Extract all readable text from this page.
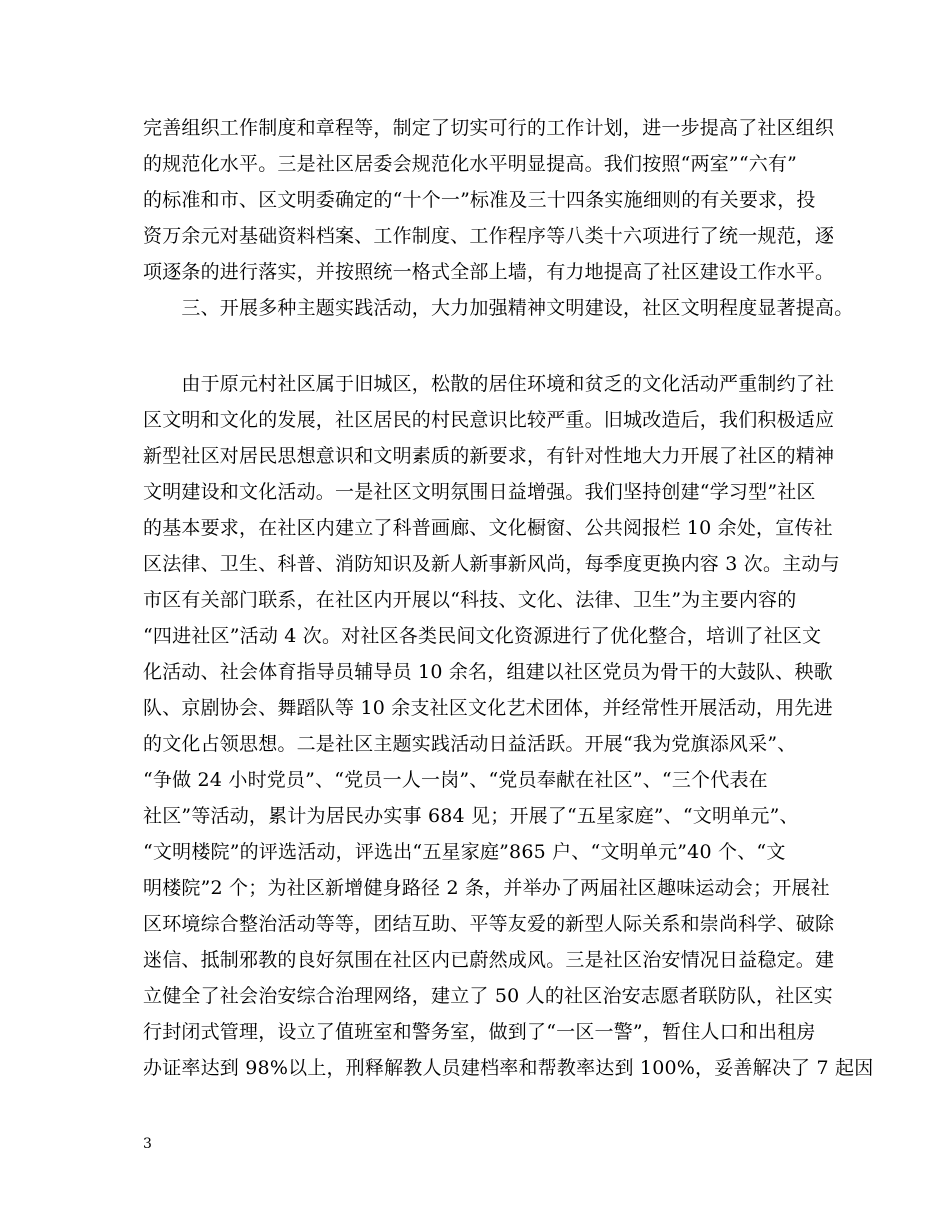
完善组织工作制度和章程等，制定了切实可行的工作计划，进一步提高了社区组织
的规范化水平。三是社区居委会规范化水平明显提高。我们按照“两室”“六有”
的标准和市、区文明委确定的“十个一”标准及三十四条实施细则的有关要求，投
资万余元对基础资料档案、工作制度、工作程序等八类十六项进行了统一规范，逐
项逐条的进行落实，并按照统一格式全部上墙，有力地提高了社区建设工作水平。
　　三、开展多种主题实践活动，大力加强精神文明建设，社区文明程度显著提高。
　　由于原元村社区属于旧城区，松散的居住环境和贫乏的文化活动严重制约了社
区文明和文化的发展，社区居民的村民意识比较严重。旧城改造后，我们积极适应
新型社区对居民思想意识和文明素质的新要求，有针对性地大力开展了社区的精神
文明建设和文化活动。一是社区文明氛围日益增强。我们坚持创建“学习型”社区
的基本要求，在社区内建立了科普画廊、文化橱窗、公共阅报栏 10 余处，宣传社
区法律、卫生、科普、消防知识及新人新事新风尚，每季度更换内容 3 次。主动与
市区有关部门联系，在社区内开展以“科技、文化、法律、卫生”为主要内容的
“四进社区”活动 4 次。对社区各类民间文化资源进行了优化整合，培训了社区文
化活动、社会体育指导员辅导员 10 余名，组建以社区党员为骨干的大鼓队、秧歌
队、京剧协会、舞蹈队等 10 余支社区文化艺术团体，并经常性开展活动，用先进
的文化占领思想。二是社区主题实践活动日益活跃。开展“我为党旗添风采”、
“争做 24 小时党员”、“党员一人一岗”、“党员奉献在社区”、“三个代表在
社区”等活动，累计为居民办实事 684 见；开展了“五星家庭”、“文明单元”、
“文明楼院”的评选活动，评选出“五星家庭”865 户、“文明单元”40 个、“文
明楼院”2 个；为社区新增健身路径 2 条，并举办了两届社区趣味运动会；开展社
区环境综合整治活动等等，团结互助、平等友爱的新型人际关系和崇尚科学、破除
迷信、抵制邪教的良好氛围在社区内已蔚然成风。三是社区治安情况日益稳定。建
立健全了社会治安综合治理网络，建立了 50 人的社区治安志愿者联防队，社区实
行封闭式管理，设立了值班室和警务室，做到了“一区一警”，暂住人口和出租房
办证率达到 98%以上，刑释解教人员建档率和帮教率达到 100%，妥善解决了 7 起因
3
